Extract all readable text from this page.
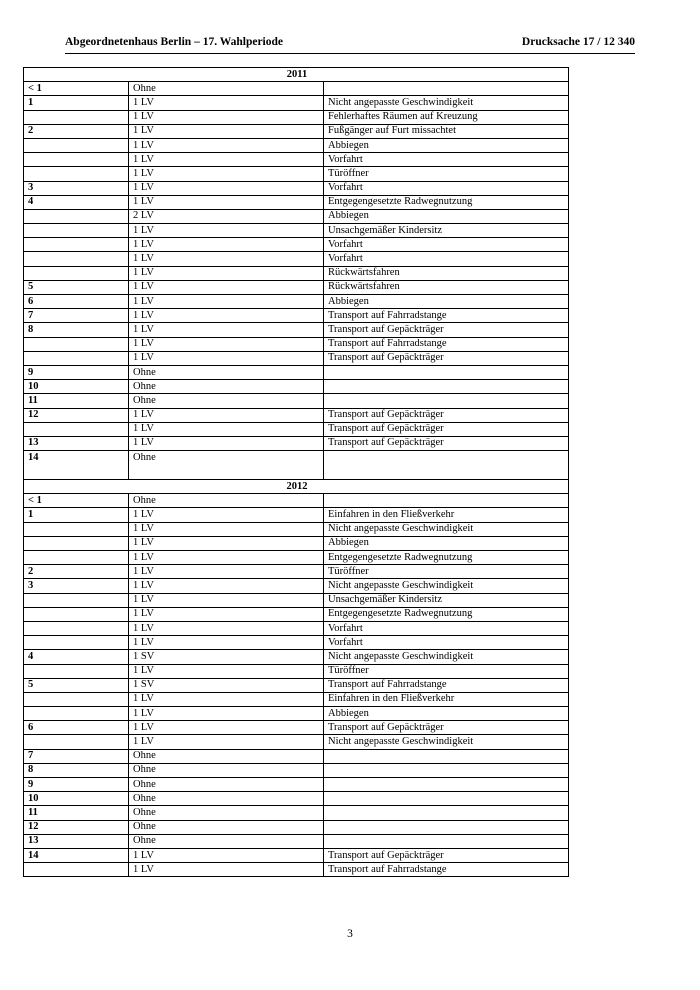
Abgeordnetenhaus Berlin – 17. Wahlperiode	Drucksache 17 / 12 340
2011		
< 1	Ohne	
1	1 LV	Nicht angepasste Geschwindigkeit
	1 LV	Fehlerhaftes Räumen auf Kreuzung
2	1 LV	Fußgänger auf Furt missachtet
	1 LV	Abbiegen
	1 LV	Vorfahrt
	1 LV	Türöffner
3	1 LV	Vorfahrt
4	1 LV	Entgegengesetzte Radwegnutzung
	2 LV	Abbiegen
	1 LV	Unsachgemäßer Kindersitz
	1 LV	Vorfahrt
	1 LV	Vorfahrt
	1 LV	Rückwärtsfahren
5	1 LV	Rückwärtsfahren
6	1 LV	Abbiegen
7	1 LV	Transport auf Fahrradstange
8	1 LV	Transport auf Gepäckträger
	1 LV	Transport auf Fahrradstange
	1 LV	Transport auf Gepäckträger
9	Ohne	
10	Ohne	
11	Ohne	
12	1 LV	Transport auf Gepäckträger
	1 LV	Transport auf Gepäckträger
13	1 LV	Transport auf Gepäckträger
14	Ohne	
2012		
< 1	Ohne	
1	1 LV	Einfahren in den Fließverkehr
	1 LV	Nicht angepasste Geschwindigkeit
	1 LV	Abbiegen
	1 LV	Entgegengesetzte Radwegnutzung
2	1 LV	Türöffner
3	1 LV	Nicht angepasste Geschwindigkeit
	1 LV	Unsachgemäßer Kindersitz
	1 LV	Entgegengesetzte Radwegnutzung
	1 LV	Vorfahrt
	1 LV	Vorfahrt
4	1 SV	Nicht angepasste Geschwindigkeit
	1 LV	Türöffner
5	1 SV	Transport auf Fahrradstange
	1 LV	Einfahren in den Fließverkehr
	1 LV	Abbiegen
6	1 LV	Transport auf Gepäckträger
	1 LV	Nicht angepasste Geschwindigkeit
7	Ohne	
8	Ohne	
9	Ohne	
10	Ohne	
11	Ohne	
12	Ohne	
13	Ohne	
14	1 LV	Transport auf Gepäckträger
	1 LV	Transport auf Fahrradstange
3
